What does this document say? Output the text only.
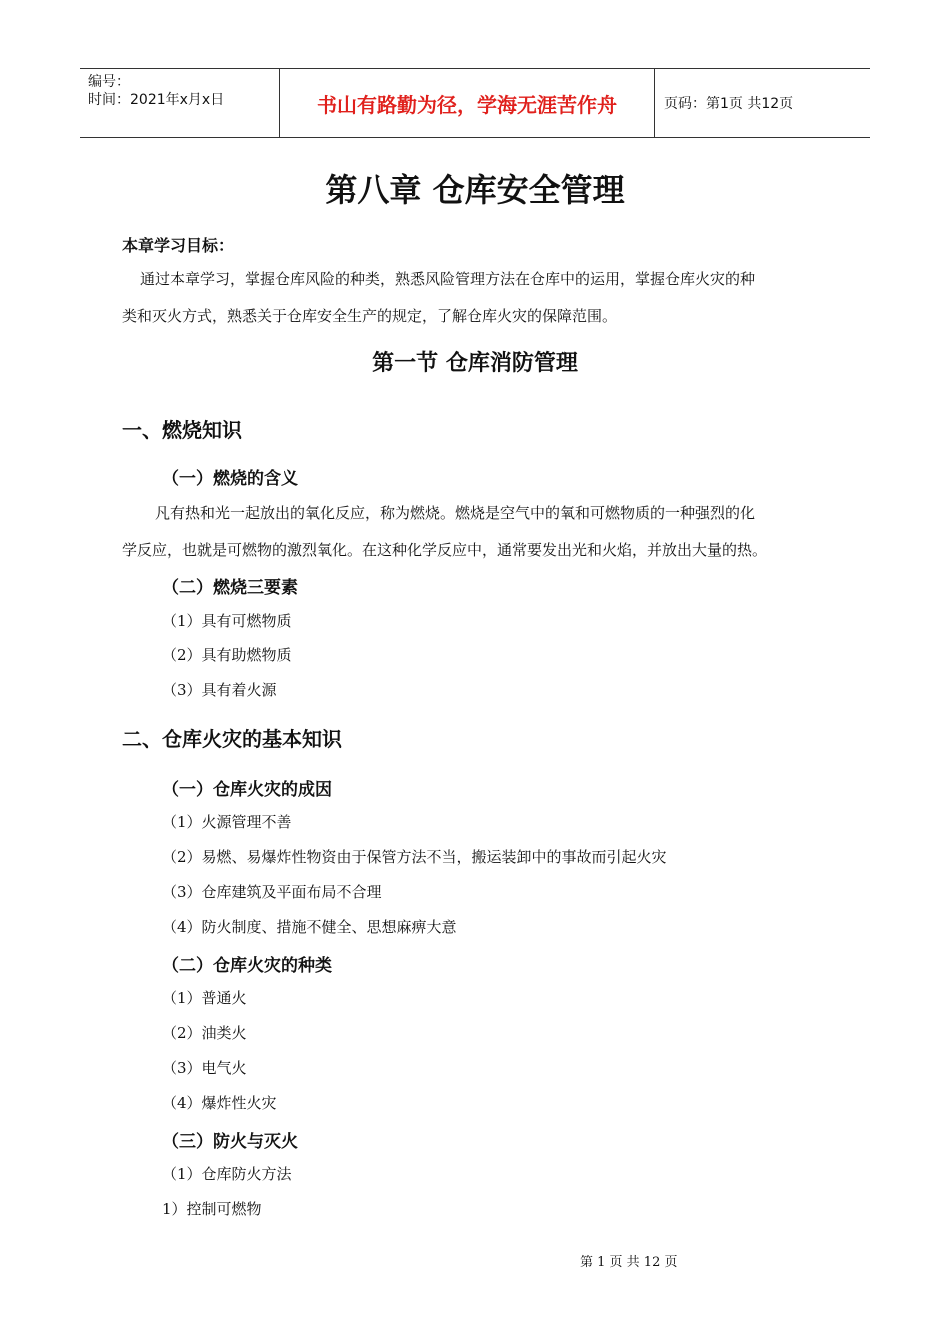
编号：
时间：2021年x月x日	书山有路勤为径，学海无涯苦作舟	页码：第1页 共12页
第八章 仓库安全管理
本章学习目标：
通过本章学习，掌握仓库风险的种类，熟悉风险管理方法在仓库中的运用，掌握仓库火灾的种
类和灭火方式，熟悉关于仓库安全生产的规定，了解仓库火灾的保障范围。
第一节 仓库消防管理
一、燃烧知识
（一）燃烧的含义
凡有热和光一起放出的氧化反应，称为燃烧。燃烧是空气中的氧和可燃物质的一种强烈的化
学反应，也就是可燃物的激烈氧化。在这种化学反应中，通常要发出光和火焰，并放出大量的热。
（二）燃烧三要素
（1）具有可燃物质
（2）具有助燃物质
（3）具有着火源
二、仓库火灾的基本知识
（一）仓库火灾的成因
（1）火源管理不善
（2）易燃、易爆炸性物资由于保管方法不当，搬运装卸中的事故而引起火灾
（3）仓库建筑及平面布局不合理
（4）防火制度、措施不健全、思想麻痹大意
（二）仓库火灾的种类
（1）普通火
（2）油类火
（3）电气火
（4）爆炸性火灾
（三）防火与灭火
（1）仓库防火方法
1）控制可燃物
第 1 页 共 12 页
